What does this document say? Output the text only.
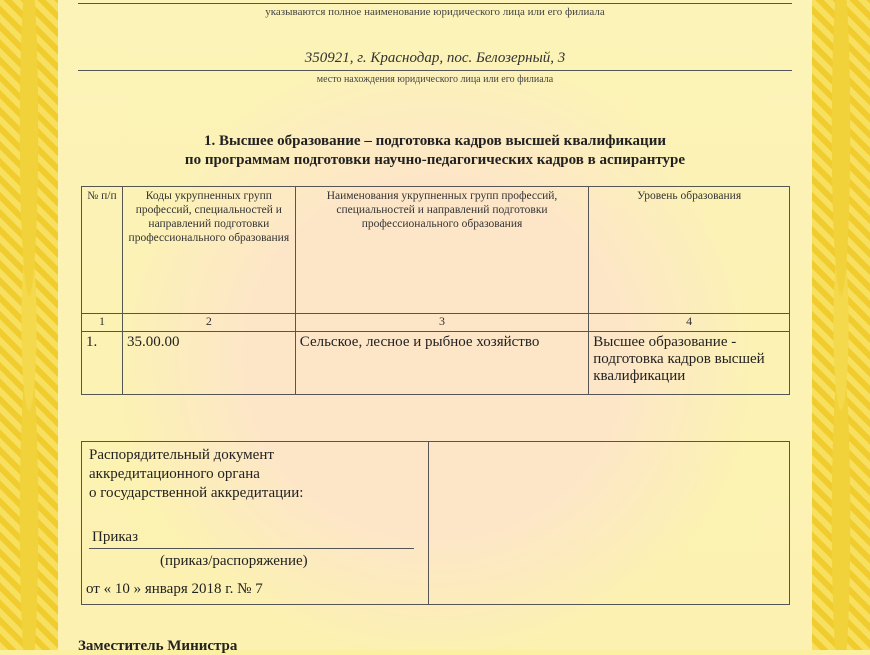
указываются полное наименование юридического лица или его филиала
350921, г. Краснодар, пос. Белозерный, 3
место нахождения юридического лица или его филиала
1. Высшее образование – подготовка кадров высшей квалификации
по программам подготовки научно-педагогических кадров в аспирантуре
№ п/п	Коды укрупненных групп профессий, специальностей и направлений подготовки профессионального образования	Наименования укрупненных групп профессий, специальностей и направлений подготовки профессионального образования	Уровень образования
1	2	3	4
1.	35.00.00	Сельское, лесное и рыбное хозяйство	Высшее образование - подготовка кадров высшей квалификации
Распорядительный документ
аккредитационного органа
о государственной аккредитации:
Приказ
(приказ/распоряжение)
от « 10 » января 2018 г. № 7
Заместитель Министра
